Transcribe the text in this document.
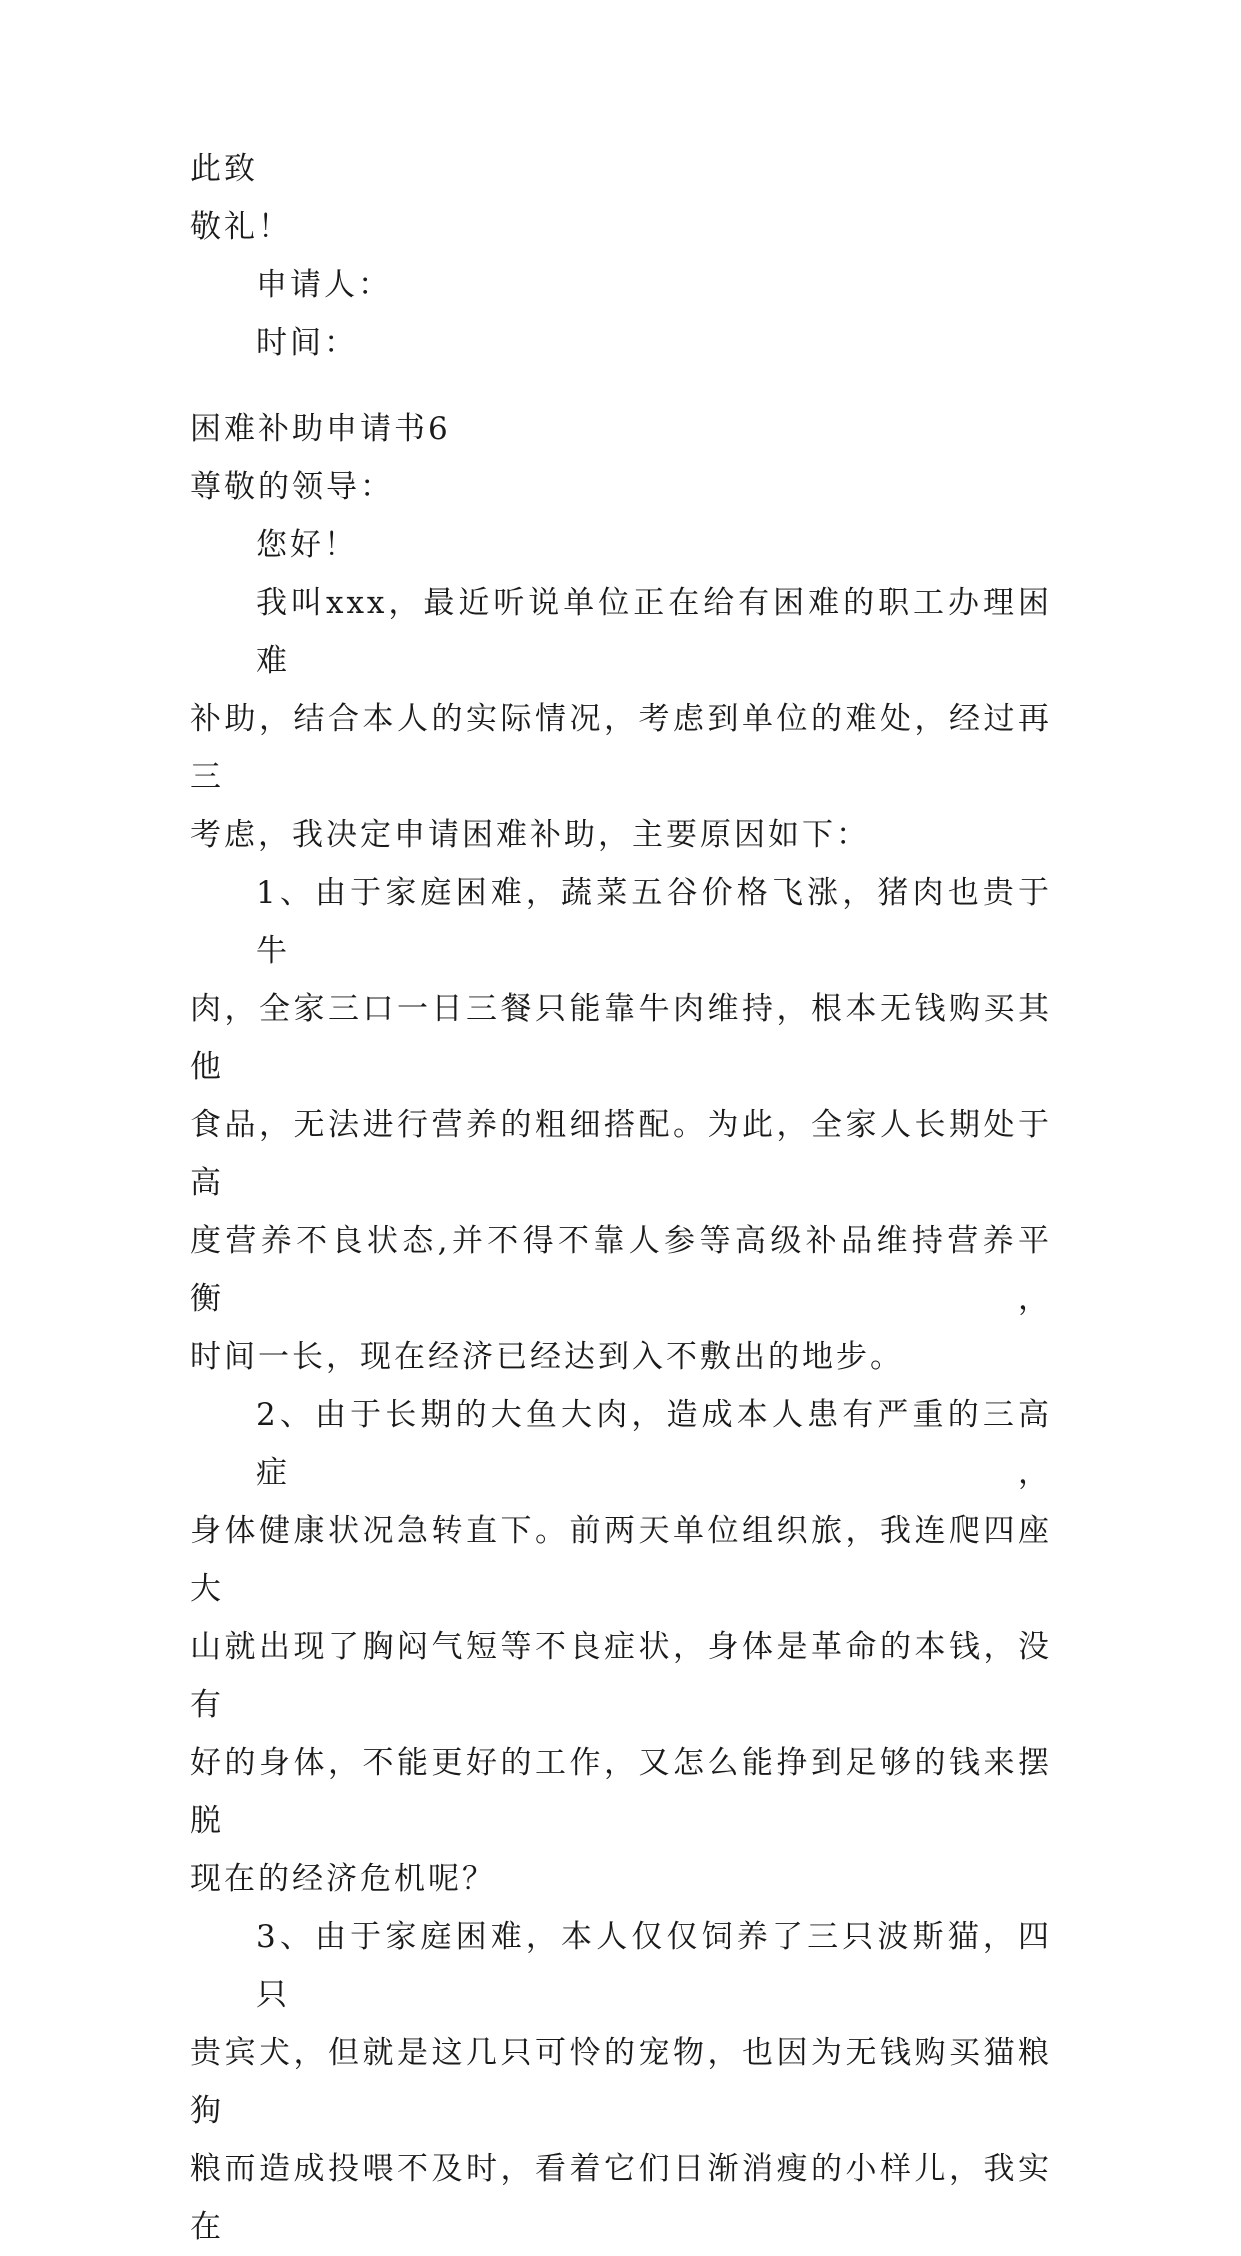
此致
敬礼！
申请人：
时间：
困难补助申请书6
尊敬的领导：
您好！
我叫xxx，最近听说单位正在给有困难的职工办理困难
补助，结合本人的实际情况，考虑到单位的难处，经过再三
考虑，我决定申请困难补助，主要原因如下：
1、由于家庭困难，蔬菜五谷价格飞涨，猪肉也贵于牛
肉，全家三口一日三餐只能靠牛肉维持，根本无钱购买其他
食品，无法进行营养的粗细搭配。为此，全家人长期处于高
度营养不良状态,并不得不靠人参等高级补品维持营养平衡，
时间一长，现在经济已经达到入不敷出的地步。
2、由于长期的大鱼大肉，造成本人患有严重的三高症，
身体健康状况急转直下。前两天单位组织旅，我连爬四座大
山就出现了胸闷气短等不良症状，身体是革命的本钱，没有
好的身体，不能更好的工作，又怎么能挣到足够的钱来摆脱
现在的经济危机呢？
3、由于家庭困难，本人仅仅饲养了三只波斯猫，四只
贵宾犬，但就是这几只可怜的宠物，也因为无钱购买猫粮狗
粮而造成投喂不及时，看着它们日渐消瘦的小样儿，我实在
